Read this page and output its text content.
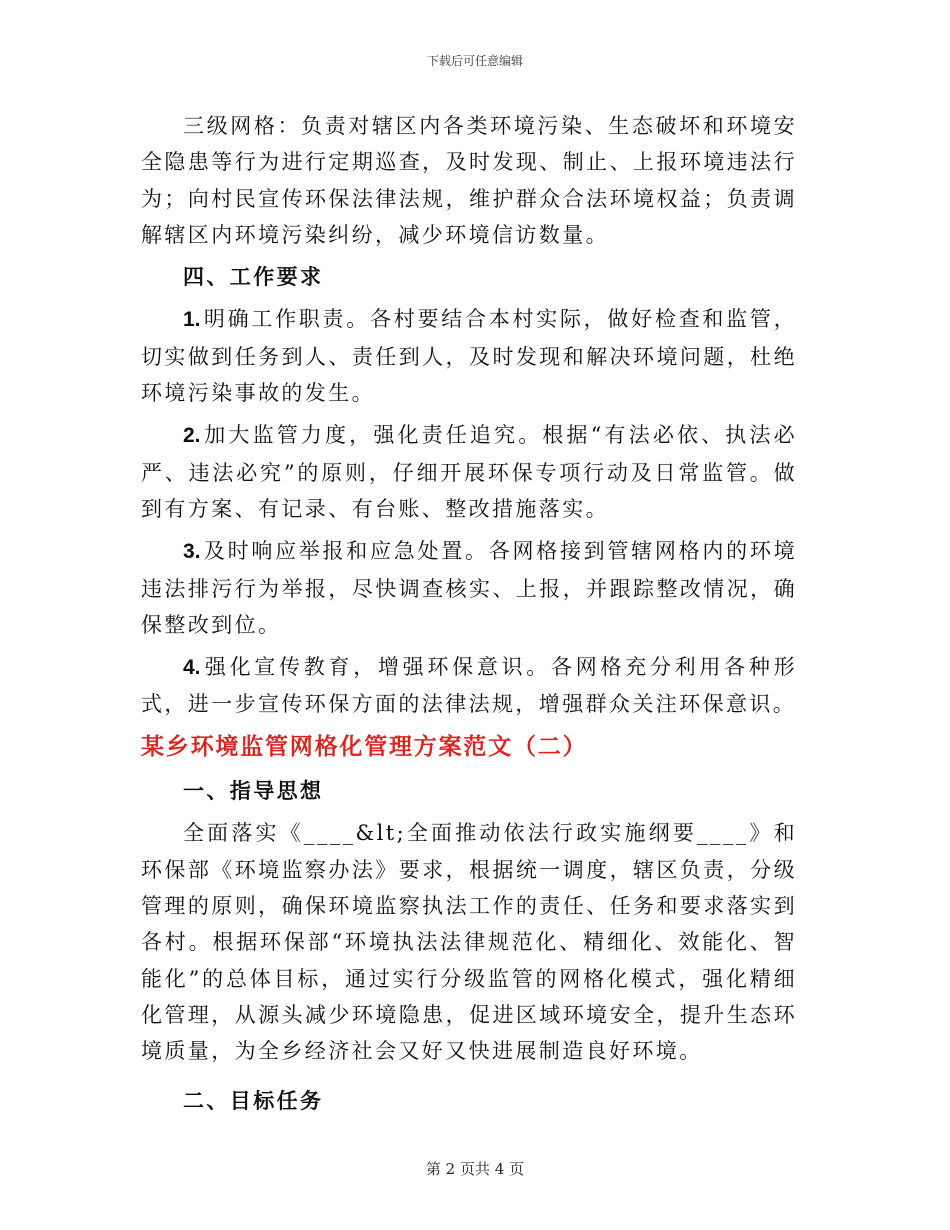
下载后可任意编辑

三级网格：负责对辖区内各类环境污染、生态破坏和环境安全隐患等行为进行定期巡查，及时发现、制止、上报环境违法行为；向村民宣传环保法律法规，维护群众合法环境权益；负责调解辖区内环境污染纠纷，减少环境信访数量。

四、工作要求

1. 明确工作职责。各村要结合本村实际，做好检查和监管，切实做到任务到人、责任到人，及时发现和解决环境问题，杜绝环境污染事故的发生。

2. 加大监管力度，强化责任追究。根据“有法必依、执法必严、违法必究”的原则，仔细开展环保专项行动及日常监管。做到有方案、有记录、有台账、整改措施落实。

3. 及时响应举报和应急处置。各网格接到管辖网格内的环境违法排污行为举报，尽快调查核实、上报，并跟踪整改情况，确保整改到位。

4. 强化宣传教育，增强环保意识。各网格充分利用各种形式，进一步宣传环保方面的法律法规，增强群众关注环保意识。

某乡环境监管网格化管理方案范文（二）

一、指导思想

全面落实《____&lt;全面推动依法行政实施纲要____》和环保部《环境监察办法》要求，根据统一调度，辖区负责，分级管理的原则，确保环境监察执法工作的责任、任务和要求落实到各村。根据环保部“环境执法法律规范化、精细化、效能化、智能化”的总体目标，通过实行分级监管的网格化模式，强化精细化管理，从源头减少环境隐患，促进区域环境安全，提升生态环境质量，为全乡经济社会又好又快进展制造良好环境。

二、目标任务

第 2 页共 4 页
